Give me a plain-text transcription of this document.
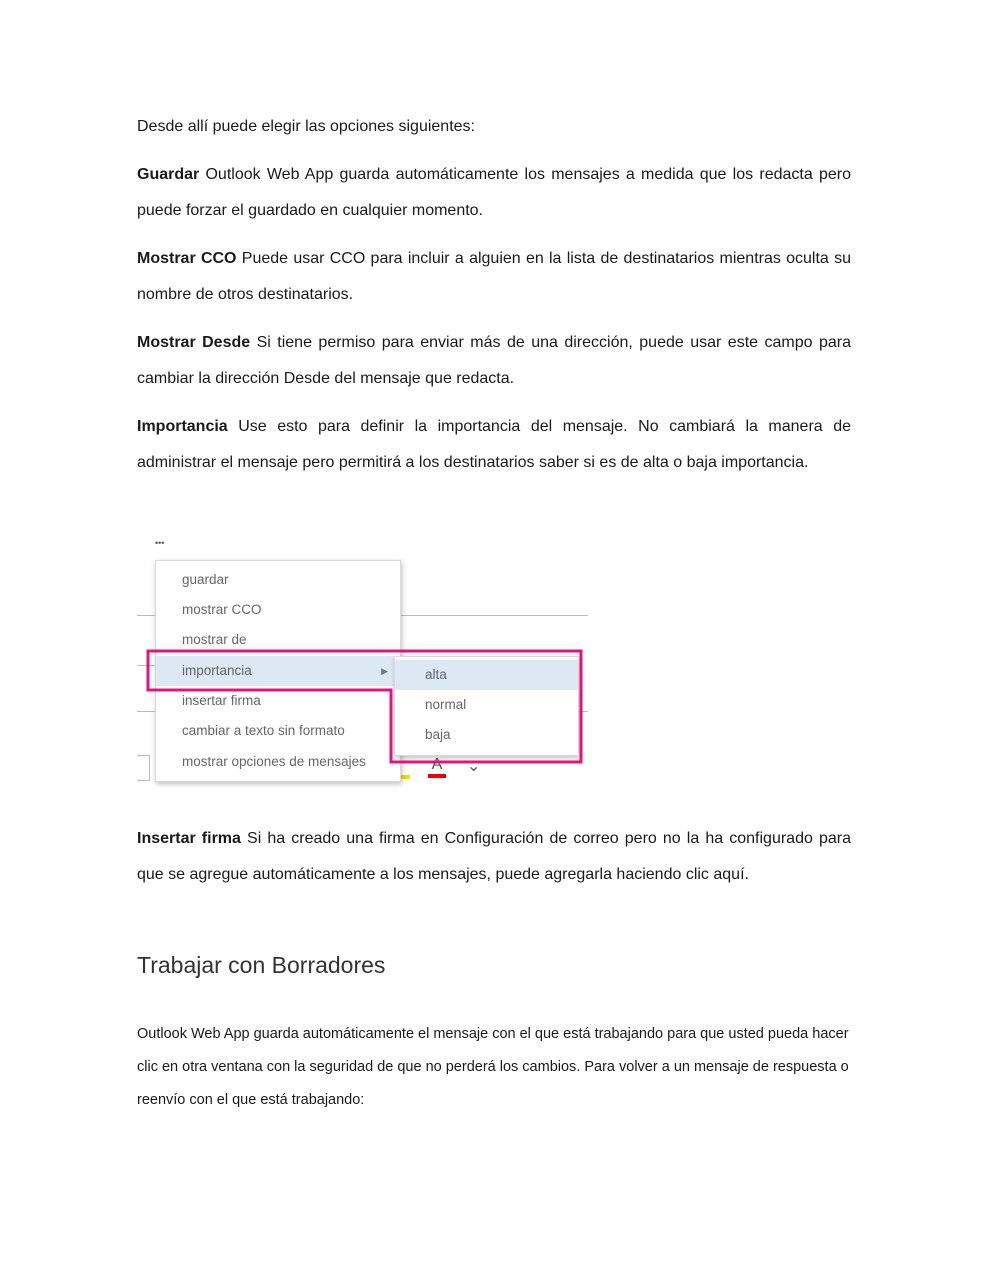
Desde allí puede elegir las opciones siguientes:
Guardar Outlook Web App guarda automáticamente los mensajes a medida que los redacta pero puede forzar el guardado en cualquier momento.
Mostrar CCO Puede usar CCO para incluir a alguien en la lista de destinatarios mientras oculta su nombre de otros destinatarios.
Mostrar Desde Si tiene permiso para enviar más de una dirección, puede usar este campo para cambiar la dirección Desde del mensaje que redacta.
Importancia Use esto para definir la importancia del mensaje. No cambiará la manera de administrar el mensaje pero permitirá a los destinatarios saber si es de alta o baja importancia.
•••
A ⌄
guardar
mostrar CCO
mostrar de
importancia	▶
insertar firma
cambiar a texto sin formato
mostrar opciones de mensajes
alta
normal
baja
Insertar firma Si ha creado una firma en Configuración de correo pero no la ha configurado para que se agregue automáticamente a los mensajes, puede agregarla haciendo clic aquí.
Trabajar con Borradores
Outlook Web App guarda automáticamente el mensaje con el que está trabajando para que usted pueda hacer clic en otra ventana con la seguridad de que no perderá los cambios. Para volver a un mensaje de respuesta o reenvío con el que está trabajando:
